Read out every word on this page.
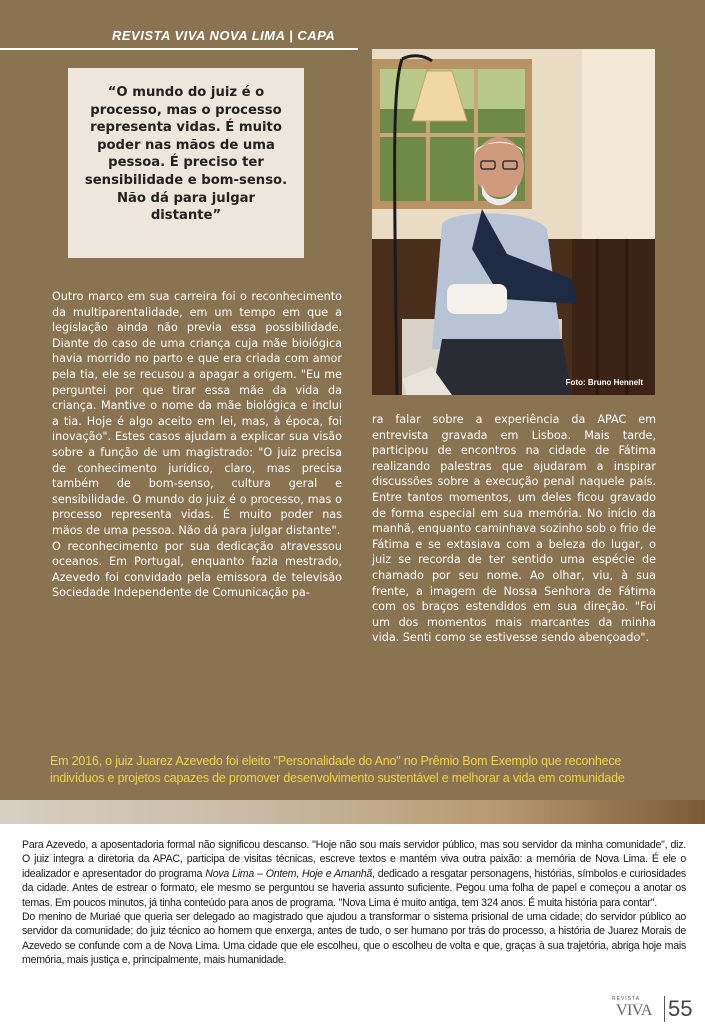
REVISTA VIVA NOVA LIMA | CAPA

“O mundo do juiz é o processo, mas o processo representa vidas. É muito poder nas mãos de uma pessoa. É preciso ter sensibilidade e bom-senso. Não dá para julgar distante”

Foto: Bruno Hennelt

Outro marco em sua carreira foi o reconhecimento da multiparentalidade, em um tempo em que a legislação ainda não previa essa possibilidade. Diante do caso de uma criança cuja mãe biológica havia morrido no parto e que era criada com amor pela tia, ele se recusou a apagar a origem. "Eu me perguntei por que tirar essa mãe da vida da criança. Mantive o nome da mãe biológica e inclui a tia. Hoje é algo aceito em lei, mas, à época, foi inovação". Estes casos ajudam a explicar sua visão sobre a função de um magistrado: "O juiz precisa de conhecimento jurídico, claro, mas precisa também de bom-senso, cultura geral e sensibilidade. O mundo do juiz é o processo, mas o processo representa vidas. É muito poder nas mãos de uma pessoa. Não dá para julgar distante".

O reconhecimento por sua dedicação atravessou oceanos. Em Portugal, enquanto fazia mestrado, Azevedo foi convidado pela emissora de televisão Sociedade Independente de Comunicação pa-

ra falar sobre a experiência da APAC em entrevista gravada em Lisboa. Mais tarde, participou de encontros na cidade de Fátima realizando palestras que ajudaram a inspirar discussões sobre a execução penal naquele país. Entre tantos momentos, um deles ficou gravado de forma especial em sua memória. No início da manhã, enquanto caminhava sozinho sob o frio de Fátima e se extasiava com a beleza do lugar, o juiz se recorda de ter sentido uma espécie de chamado por seu nome. Ao olhar, viu, à sua frente, a imagem de Nossa Senhora de Fátima com os braços estendidos em sua direção. "Foi um dos momentos mais marcantes da minha vida. Senti como se estivesse sendo abençoado".

Em 2016, o juiz Juarez Azevedo foi eleito "Personalidade do Ano" no Prêmio Bom Exemplo que reconhece indivíduos e projetos capazes de promover desenvolvimento sustentável e melhorar a vida em comunidade

Para Azevedo, a aposentadoria formal não significou descanso. "Hoje não sou mais servidor público, mas sou servidor da minha comunidade", diz. O juiz integra a diretoria da APAC, participa de visitas técnicas, escreve textos e mantém viva outra paixão: a memória de Nova Lima. É ele o idealizador e apresentador do programa Nova Lima – Ontem, Hoje e Amanhã, dedicado a resgatar personagens, histórias, símbolos e curiosidades da cidade. Antes de estrear o formato, ele mesmo se perguntou se haveria assunto suficiente. Pegou uma folha de papel e começou a anotar os temas. Em poucos minutos, já tinha conteúdo para anos de programa. "Nova Lima é muito antiga, tem 324 anos. É muita história para contar".

Do menino de Muriaé que queria ser delegado ao magistrado que ajudou a transformar o sistema prisional de uma cidade; do servidor público ao servidor da comunidade; do juiz técnico ao homem que enxerga, antes de tudo, o ser humano por trás do processo, a história de Juarez Morais de Azevedo se confunde com a de Nova Lima. Uma cidade que ele escolheu, que o escolheu de volta e que, graças à sua trajetória, abriga hoje mais memória, mais justiça e, principalmente, mais humanidade.

REVISTA
VIVA 55
